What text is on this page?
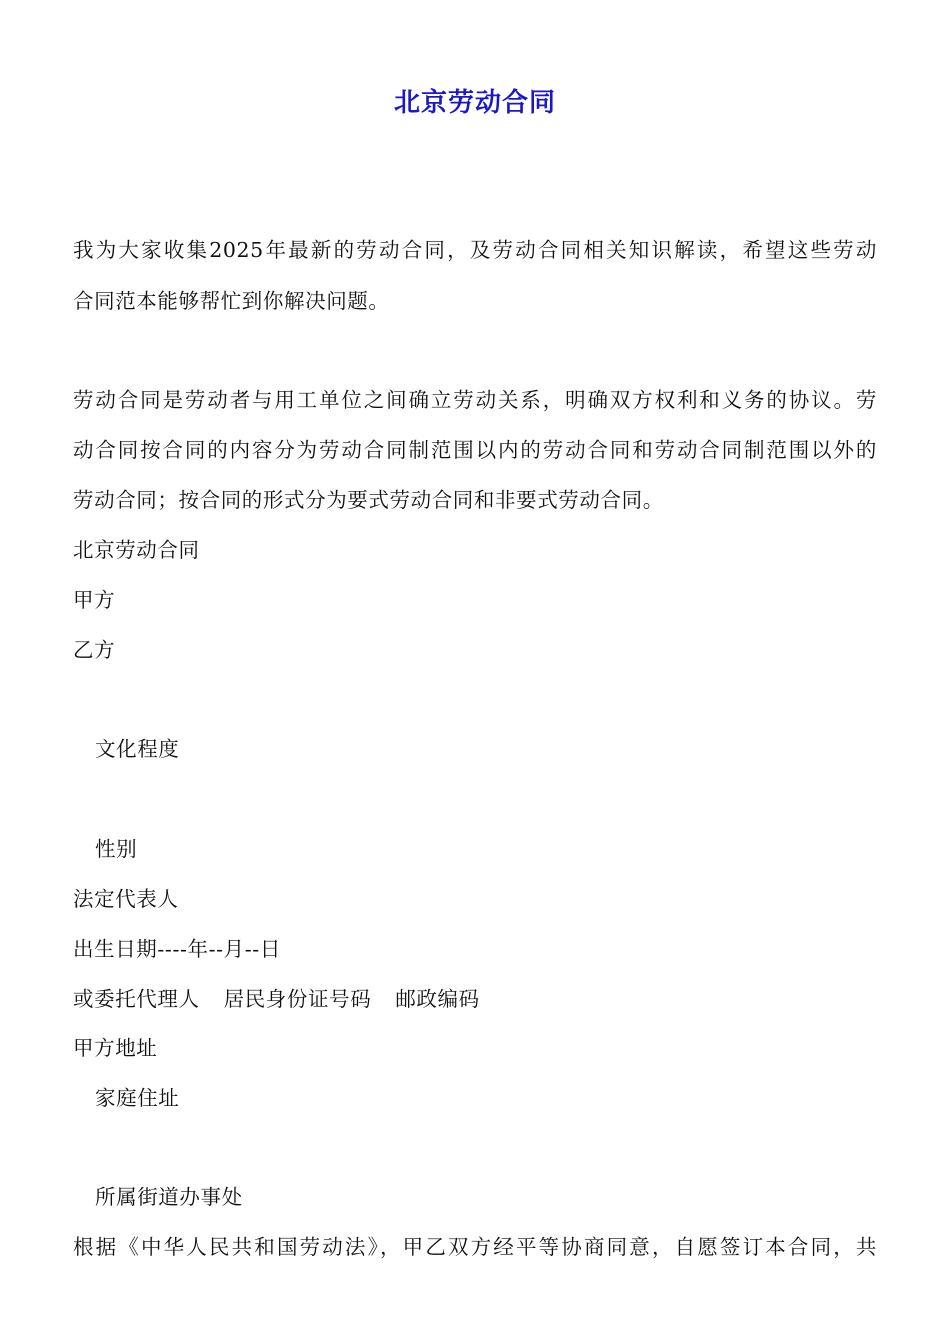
北京劳动合同
我为大家收集2025年最新的劳动合同，及劳动合同相关知识解读，希望这些劳动
合同范本能够帮忙到你解决问题。
劳动合同是劳动者与用工单位之间确立劳动关系，明确双方权利和义务的协议。劳
动合同按合同的内容分为劳动合同制范围以内的劳动合同和劳动合同制范围以外的
劳动合同；按合同的形式分为要式劳动合同和非要式劳动合同。
北京劳动合同
甲方
乙方
文化程度
性别
法定代表人
出生日期----年--月--日
或委托代理人 居民身份证号码 邮政编码
甲方地址
家庭住址
所属街道办事处
根据《中华人民共和国劳动法》，甲乙双方经平等协商同意，自愿签订本合同，共
